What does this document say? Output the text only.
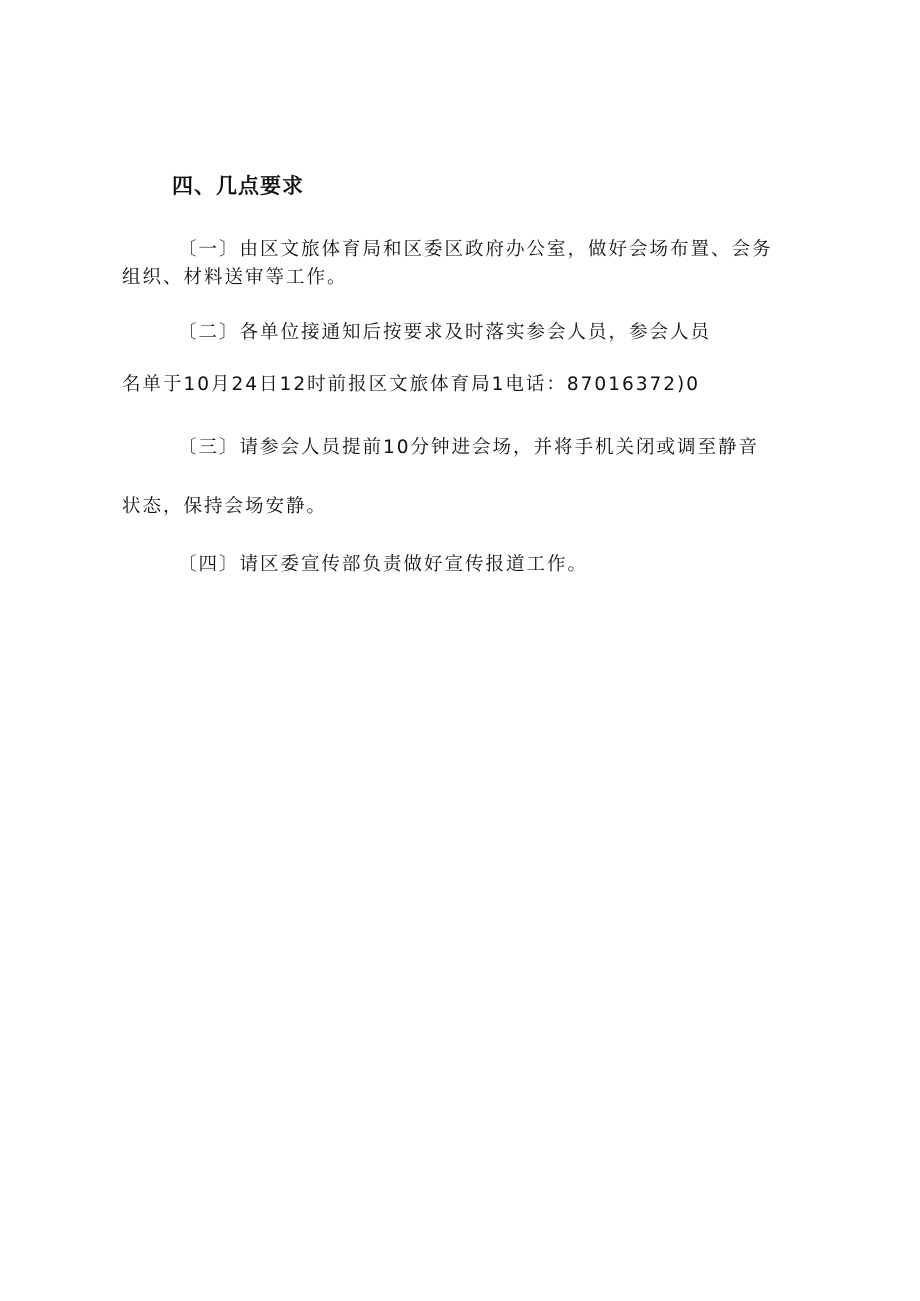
四、几点要求
〔一〕由区文旅体育局和区委区政府办公室，做好会场布置、会务
组织、材料送审等工作。
〔二〕各单位接通知后按要求及时落实参会人员，参会人员
名单于10月24日12时前报区文旅体育局1电话：87016372)0
〔三〕请参会人员提前10分钟进会场，并将手机关闭或调至静音
状态，保持会场安静。
〔四〕请区委宣传部负责做好宣传报道工作。
